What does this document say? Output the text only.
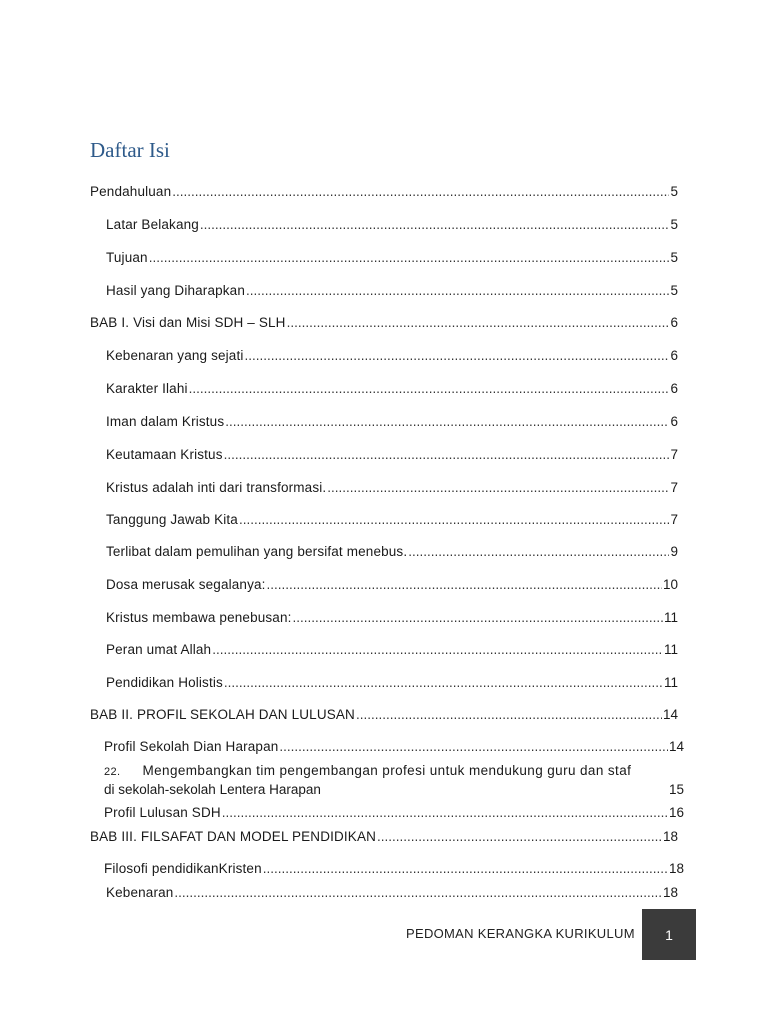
Daftar Isi
Pendahuluan .....	5
Latar Belakang .....	5
Tujuan .....	5
Hasil yang Diharapkan .....	5
BAB I. Visi dan Misi SDH – SLH .....	6
Kebenaran yang sejati .....	6
Karakter Ilahi .....	6
Iman dalam Kristus .....	6
Keutamaan Kristus .....	7
Kristus adalah inti dari transformasi. .....	7
Tanggung Jawab Kita .....	7
Terlibat dalam pemulihan yang bersifat menebus. .....	9
Dosa merusak segalanya: .....	10
Kristus membawa penebusan: .....	11
Peran umat Allah .....	11
Pendidikan Holistis .....	11
BAB II. PROFIL SEKOLAH DAN LULUSAN .....	14
Profil Sekolah Dian Harapan .....	14
22. Mengembangkan tim pengembangan profesi untuk mendukung guru dan staf
di sekolah-sekolah Lentera Harapan	15
Profil Lulusan SDH .....	16
BAB III. FILSAFAT DAN MODEL PENDIDIKAN .....	18
Filosofi pendidikanKristen .....	18
Kebenaran .....	18
PEDOMAN KERANGKA KURIKULUM 1
